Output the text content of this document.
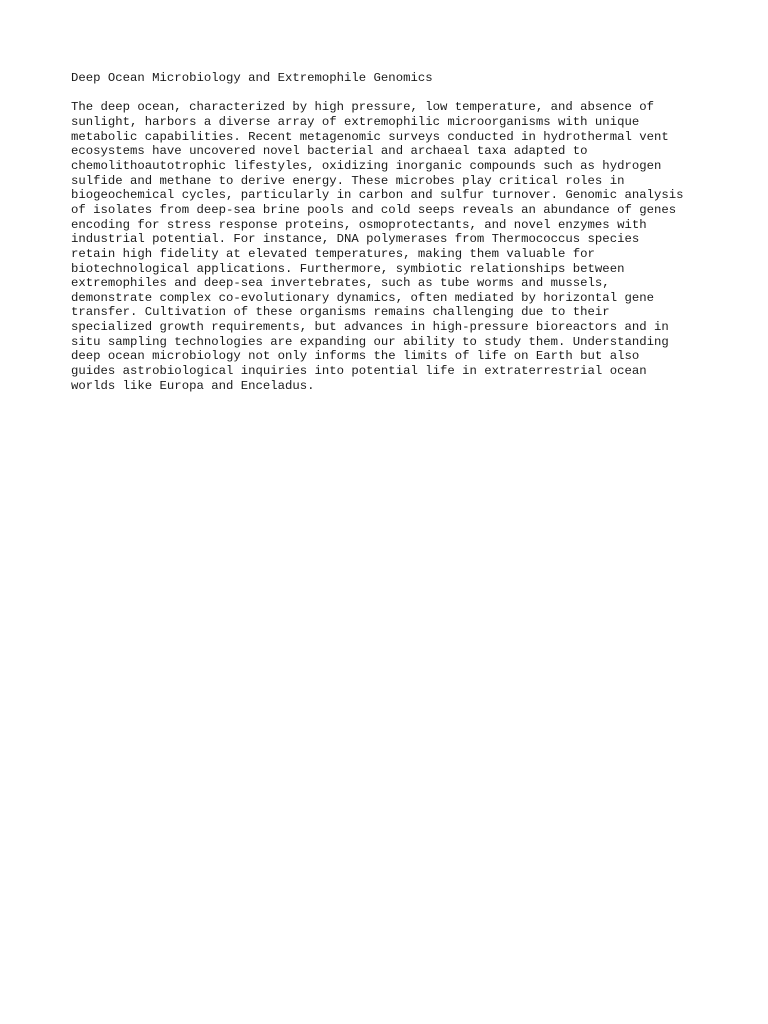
Deep Ocean Microbiology and Extremophile Genomics

The deep ocean, characterized by high pressure, low temperature, and absence of
sunlight, harbors a diverse array of extremophilic microorganisms with unique
metabolic capabilities. Recent metagenomic surveys conducted in hydrothermal vent
ecosystems have uncovered novel bacterial and archaeal taxa adapted to
chemolithoautotrophic lifestyles, oxidizing inorganic compounds such as hydrogen
sulfide and methane to derive energy. These microbes play critical roles in
biogeochemical cycles, particularly in carbon and sulfur turnover. Genomic analysis
of isolates from deep-sea brine pools and cold seeps reveals an abundance of genes
encoding for stress response proteins, osmoprotectants, and novel enzymes with
industrial potential. For instance, DNA polymerases from Thermococcus species
retain high fidelity at elevated temperatures, making them valuable for
biotechnological applications. Furthermore, symbiotic relationships between
extremophiles and deep-sea invertebrates, such as tube worms and mussels,
demonstrate complex co-evolutionary dynamics, often mediated by horizontal gene
transfer. Cultivation of these organisms remains challenging due to their
specialized growth requirements, but advances in high-pressure bioreactors and in
situ sampling technologies are expanding our ability to study them. Understanding
deep ocean microbiology not only informs the limits of life on Earth but also
guides astrobiological inquiries into potential life in extraterrestrial ocean
worlds like Europa and Enceladus.
